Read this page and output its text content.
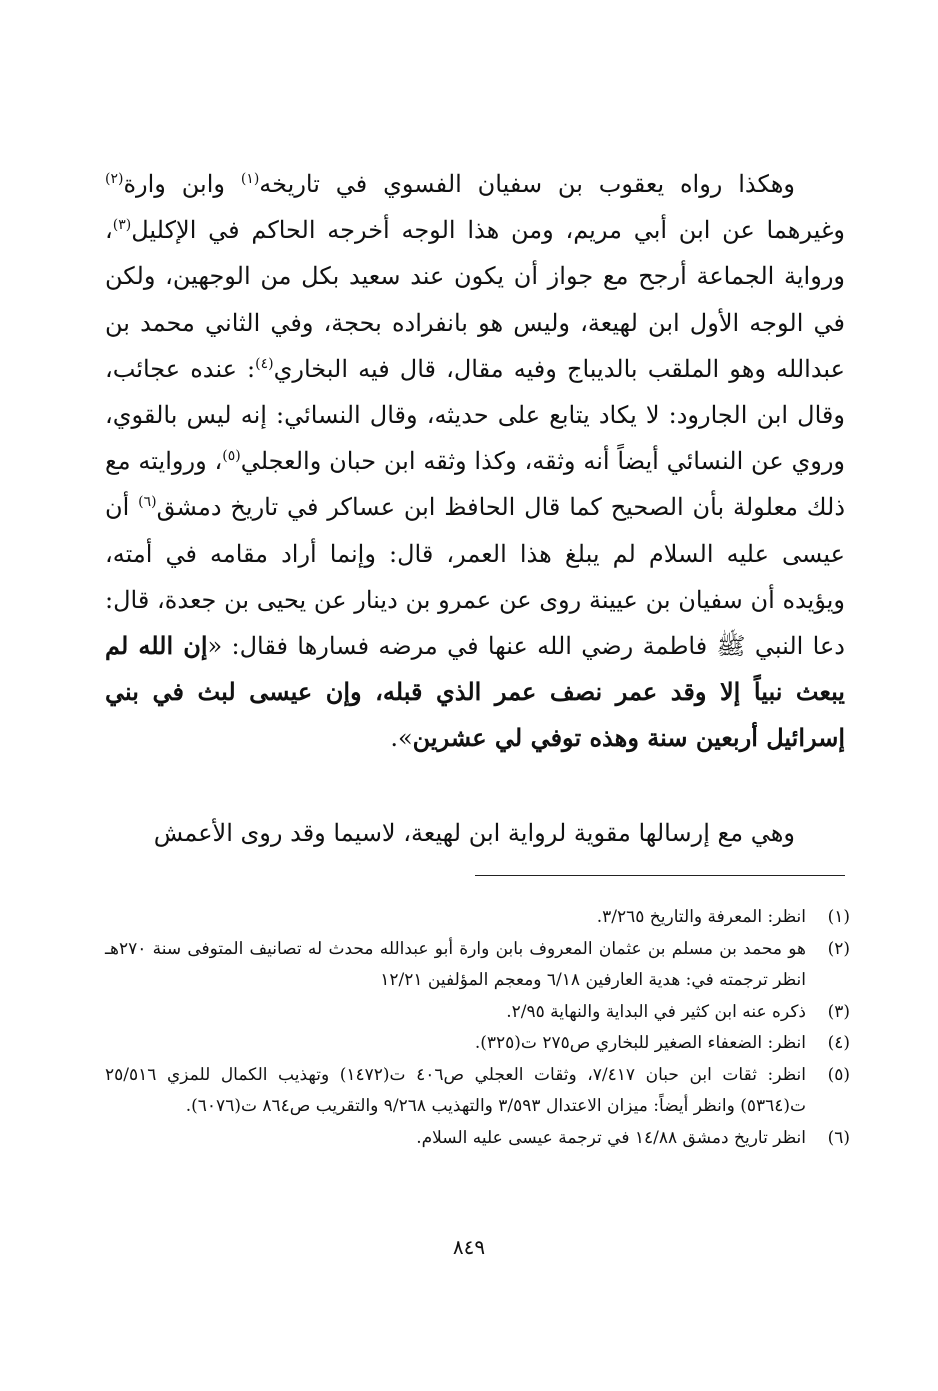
وهكذا رواه يعقوب بن سفيان الفسوي في تاريخه$^{(١)}$ وابن وارة$^{(٢)}$ وغيرهما عن ابن أبي مريم، ومن هذا الوجه أخرجه الحاكم في الإكليل$^{(٣)}$، ورواية الجماعة أرجح مع جواز أن يكون عند سعيد بكل من الوجهين، ولكن في الوجه الأول ابن لهيعة، وليس هو بانفراده بحجة، وفي الثاني محمد بن عبدالله وهو الملقب بالديباج وفيه مقال، قال فيه البخاري$^{(٤)}$: عنده عجائب، وقال ابن الجارود: لا يكاد يتابع على حديثه، وقال النسائي: إنه ليس بالقوي، وروي عن النسائي أيضاً أنه وثقه، وكذا وثقه ابن حبان والعجلي$^{(٥)}$، وروايته مع ذلك معلولة بأن الصحيح كما قال الحافظ ابن عساكر في تاريخ دمشق$^{(٦)}$ أن عيسى عليه السلام لم يبلغ هذا العمر، قال: وإنما أراد مقامه في أمته، ويؤيده أن سفيان بن عيينة روى عن عمرو بن دينار عن يحيى بن جعدة، قال: دعا النبي ﷺ فاطمة رضي الله عنها في مرضه فسارها فقال: «إن الله لم يبعث نبياً إلا وقد عمر نصف عمر الذي قبله، وإن عيسى لبث في بني إسرائيل أربعين سنة وهذه توفي لي عشرين».

وهي مع إرسالها مقوية لرواية ابن لهيعة، لاسيما وقد روى الأعمش

(١)
انظر: المعرفة والتاريخ ٣/٢٦٥.
(٢)
هو محمد بن مسلم بن عثمان المعروف بابن وارة أبو عبدالله محدث له تصانيف المتوفى سنة ٢٧٠هـ انظر ترجمته في: هدية العارفين ٦/١٨ ومعجم المؤلفين ١٢/٢١
(٣)
ذكره عنه ابن كثير في البداية والنهاية ٢/٩٥.
(٤)
انظر: الضعفاء الصغير للبخاري ص٢٧٥ ت(٣٢٥).
(٥)
انظر: ثقات ابن حبان ٧/٤١٧، وثقات العجلي ص٤٠٦ ت(١٤٧٢) وتهذيب الكمال للمزي ٢٥/٥١٦ ت(٥٣٦٤) وانظر أيضاً: ميزان الاعتدال ٣/٥٩٣ والتهذيب ٩/٢٦٨ والتقريب ص٨٦٤ ت(٦٠٧٦).
(٦)
انظر تاريخ دمشق ١٤/٨٨ في ترجمة عيسى عليه السلام.
٨٤٩
